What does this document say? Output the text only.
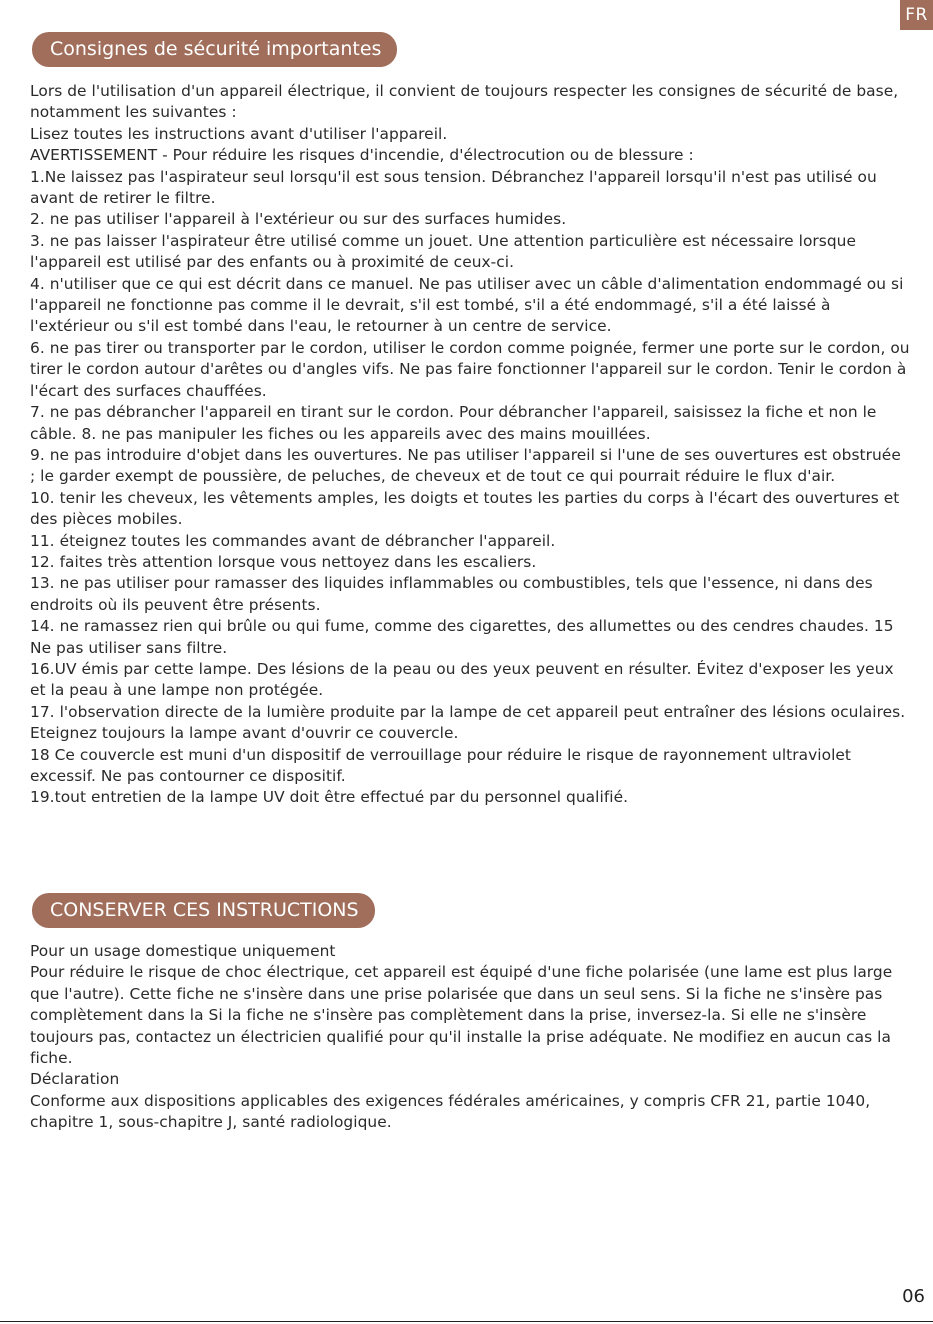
FR
Consignes de sécurité importantes
Lors de l'utilisation d'un appareil électrique, il convient de toujours respecter les consignes de sécurité de base, notamment les suivantes :
Lisez toutes les instructions avant d'utiliser l'appareil.
AVERTISSEMENT - Pour réduire les risques d'incendie, d'électrocution ou de blessure :
1.Ne laissez pas l'aspirateur seul lorsqu'il est sous tension. Débranchez l'appareil lorsqu'il n'est pas utilisé ou avant de retirer le filtre.
2. ne pas utiliser l'appareil à l'extérieur ou sur des surfaces humides.
3. ne pas laisser l'aspirateur être utilisé comme un jouet. Une attention particulière est nécessaire lorsque l'appareil est utilisé par des enfants ou à proximité de ceux-ci.
4. n'utiliser que ce qui est décrit dans ce manuel. Ne pas utiliser avec un câble d'alimentation endommagé ou si l'appareil ne fonctionne pas comme il le devrait, s'il est tombé, s'il a été endommagé, s'il a été laissé à l'extérieur ou s'il est tombé dans l'eau, le retourner à un centre de service.
6. ne pas tirer ou transporter par le cordon, utiliser le cordon comme poignée, fermer une porte sur le cordon, ou tirer le cordon autour d'arêtes ou d'angles vifs. Ne pas faire fonctionner l'appareil sur le cordon. Tenir le cordon à l'écart des surfaces chauffées.
7. ne pas débrancher l'appareil en tirant sur le cordon. Pour débrancher l'appareil, saisissez la fiche et non le câble. 8. ne pas manipuler les fiches ou les appareils avec des mains mouillées.
9. ne pas introduire d'objet dans les ouvertures. Ne pas utiliser l'appareil si l'une de ses ouvertures est obstruée ; le garder exempt de poussière, de peluches, de cheveux et de tout ce qui pourrait réduire le flux d'air.
10. tenir les cheveux, les vêtements amples, les doigts et toutes les parties du corps à l'écart des ouvertures et des pièces mobiles.
11. éteignez toutes les commandes avant de débrancher l'appareil.
12. faites très attention lorsque vous nettoyez dans les escaliers.
13. ne pas utiliser pour ramasser des liquides inflammables ou combustibles, tels que l'essence, ni dans des endroits où ils peuvent être présents.
14. ne ramassez rien qui brûle ou qui fume, comme des cigarettes, des allumettes ou des cendres chaudes. 15 Ne pas utiliser sans filtre.
16.UV émis par cette lampe. Des lésions de la peau ou des yeux peuvent en résulter. Évitez d'exposer les yeux et la peau à une lampe non protégée.
17. l'observation directe de la lumière produite par la lampe de cet appareil peut entraîner des lésions oculaires. Eteignez toujours la lampe avant d'ouvrir ce couvercle.
18 Ce couvercle est muni d'un dispositif de verrouillage pour réduire le risque de rayonnement ultraviolet excessif. Ne pas contourner ce dispositif.
19.tout entretien de la lampe UV doit être effectué par du personnel qualifié.
CONSERVER CES INSTRUCTIONS
Pour un usage domestique uniquement
Pour réduire le risque de choc électrique, cet appareil est équipé d'une fiche polarisée (une lame est plus large que l'autre). Cette fiche ne s'insère dans une prise polarisée que dans un seul sens. Si la fiche ne s'insère pas complètement dans la Si la fiche ne s'insère pas complètement dans la prise, inversez-la. Si elle ne s'insère toujours pas, contactez un électricien qualifié pour qu'il installe la prise adéquate. Ne modifiez en aucun cas la fiche.
Déclaration
Conforme aux dispositions applicables des exigences fédérales américaines, y compris CFR 21, partie 1040, chapitre 1, sous-chapitre J, santé radiologique.
06
